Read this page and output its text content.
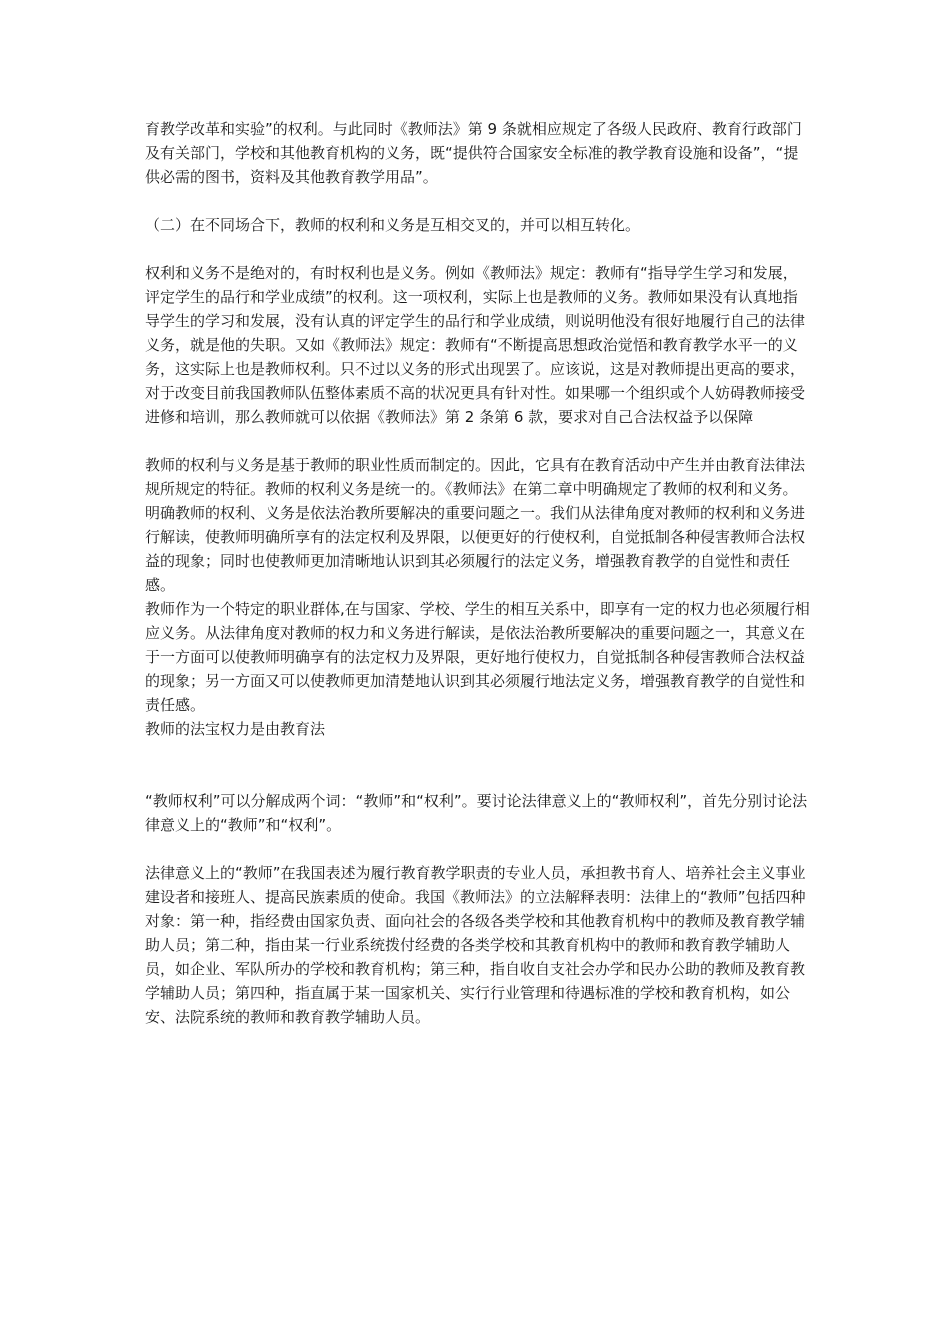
育教学改革和实验”的权利。与此同时《教师法》第 9 条就相应规定了各级人民政府、教育行政部门及有关部门，学校和其他教育机构的义务，既“提供符合国家安全标准的教学教育设施和设备”，“提供必需的图书，资料及其他教育教学用品”。

（二）在不同场合下，教师的权利和义务是互相交叉的，并可以相互转化。

权利和义务不是绝对的，有时权利也是义务。例如《教师法》规定：教师有“指导学生学习和发展，评定学生的品行和学业成绩”的权利。这一项权利，实际上也是教师的义务。教师如果没有认真地指导学生的学习和发展，没有认真的评定学生的品行和学业成绩，则说明他没有很好地履行自己的法律义务，就是他的失职。又如《教师法》规定：教师有“不断提高思想政治觉悟和教育教学水平一的义务，这实际上也是教师权利。只不过以义务的形式出现罢了。应该说，这是对教师提出更高的要求，对于改变目前我国教师队伍整体素质不高的状况更具有针对性。如果哪一个组织或个人妨碍教师接受进修和培训，那么教师就可以依据《教师法》第 2 条第 6 款，要求对自己合法权益予以保障

教师的权利与义务是基于教师的职业性质而制定的。因此，它具有在教育活动中产生并由教育法律法规所规定的特征。教师的权利义务是统一的。《教师法》在第二章中明确规定了教师的权利和义务。

明确教师的权利、义务是依法治教所要解决的重要问题之一。我们从法律角度对教师的权利和义务进行解读，使教师明确所享有的法定权利及界限，以便更好的行使权利，自觉抵制各种侵害教师合法权益的现象；同时也使教师更加清晰地认识到其必须履行的法定义务，增强教育教学的自觉性和责任感。

教师作为一个特定的职业群体,在与国家、学校、学生的相互关系中，即享有一定的权力也必须履行相应义务。从法律角度对教师的权力和义务进行解读，是依法治教所要解决的重要问题之一，其意义在于一方面可以使教师明确享有的法定权力及界限，更好地行使权力，自觉抵制各种侵害教师合法权益的现象；另一方面又可以使教师更加清楚地认识到其必须履行地法定义务，增强教育教学的自觉性和责任感。

教师的法宝权力是由教育法

“教师权利”可以分解成两个词：“教师”和“权利”。要讨论法律意义上的“教师权利”，首先分别讨论法律意义上的“教师”和“权利”。

法律意义上的“教师”在我国表述为履行教育教学职责的专业人员，承担教书育人、培养社会主义事业建设者和接班人、提高民族素质的使命。我国《教师法》的立法解释表明：法律上的“教师”包括四种对象：第一种，指经费由国家负责、面向社会的各级各类学校和其他教育机构中的教师及教育教学辅助人员；第二种，指由某一行业系统拨付经费的各类学校和其教育机构中的教师和教育教学辅助人员，如企业、军队所办的学校和教育机构；第三种，指自收自支社会办学和民办公助的教师及教育教学辅助人员；第四种，指直属于某一国家机关、实行行业管理和待遇标准的学校和教育机构，如公安、法院系统的教师和教育教学辅助人员。
